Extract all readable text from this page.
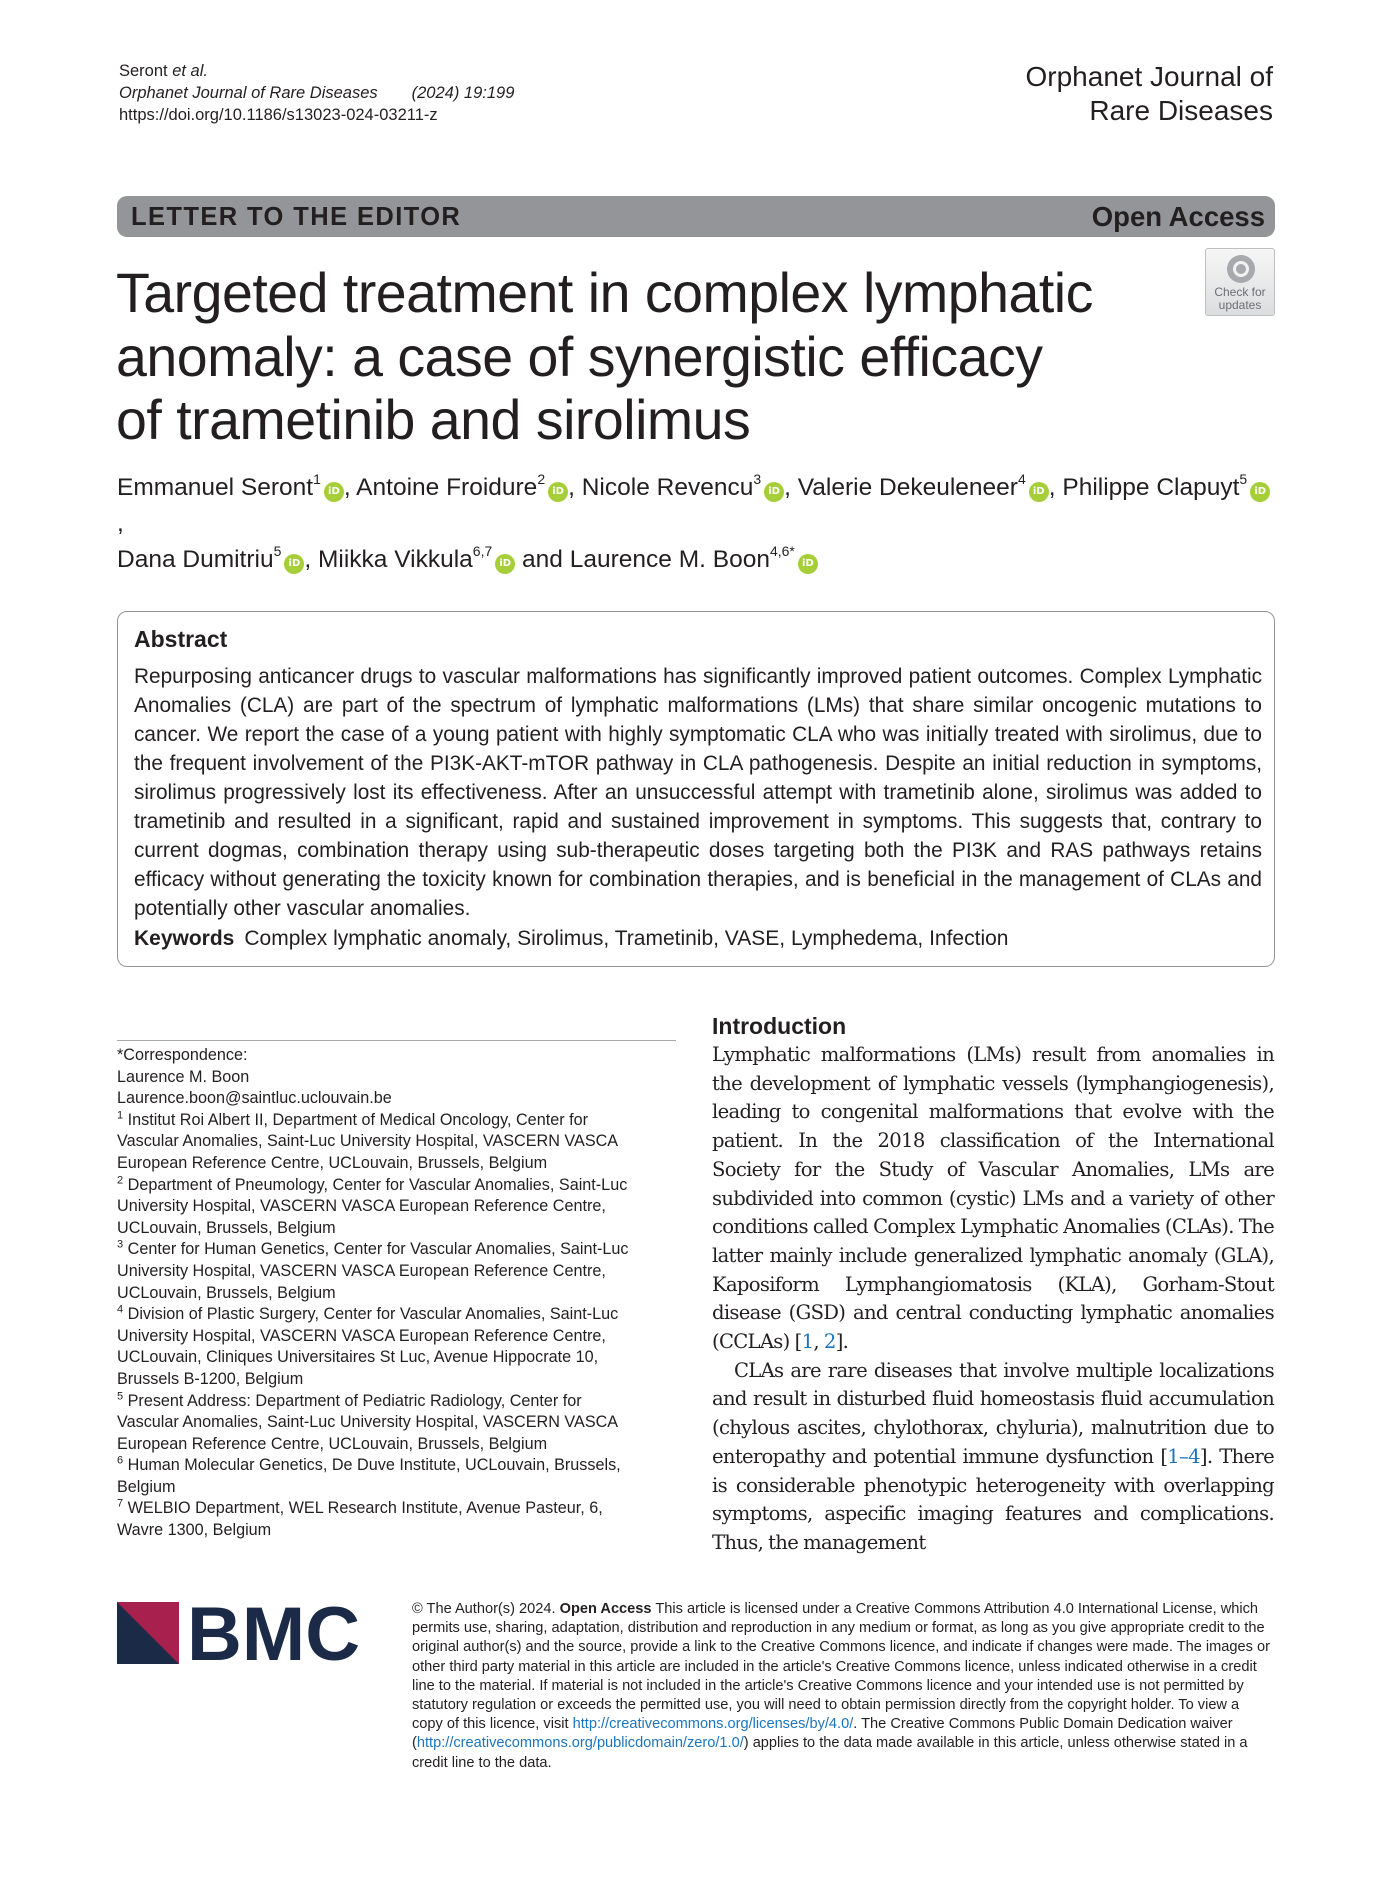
Seront et al.
Orphanet Journal of Rare Diseases (2024) 19:199
https://doi.org/10.1186/s13023-024-03211-z
Orphanet Journal of
Rare Diseases
LETTER TO THE EDITOR	Open Access
Check for
updates
Targeted treatment in complex lymphatic
anomaly: a case of synergistic efficacy
of trametinib and sirolimus
Emmanuel Seront$^1$iD , Antoine Froidure$^2$iD , Nicole Revencu$^3$iD , Valerie Dekeuleneer$^4$iD , Philippe Clapuyt$^5$iD,
Dana Dumitriu$^5$iD , Miikka Vikkula$^{6,7}$iD and Laurence M. Boon$^{4,6*}$iD
Abstract
Repurposing anticancer drugs to vascular malformations has significantly improved patient outcomes. Complex Lymphatic Anomalies (CLA) are part of the spectrum of lymphatic malformations (LMs) that share similar oncogenic mutations to cancer. We report the case of a young patient with highly symptomatic CLA who was initially treated with sirolimus, due to the frequent involvement of the PI3K-AKT-mTOR pathway in CLA pathogenesis. Despite an initial reduction in symptoms, sirolimus progressively lost its effectiveness. After an unsuccessful attempt with trametinib alone, sirolimus was added to trametinib and resulted in a significant, rapid and sustained improvement in symptoms. This suggests that, contrary to current dogmas, combination therapy using sub-therapeutic doses targeting both the PI3K and RAS pathways retains efficacy without generating the toxicity known for combination therapies, and is beneficial in the management of CLAs and potentially other vascular anomalies.
Keywords Complex lymphatic anomaly, Sirolimus, Trametinib, VASE, Lymphedema, Infection
*Correspondence:
Laurence M. Boon
Laurence.boon@saintluc.uclouvain.be
$^1$ Institut Roi Albert II, Department of Medical Oncology, Center for Vascular Anomalies, Saint-Luc University Hospital, VASCERN VASCA European Reference Centre, UCLouvain, Brussels, Belgium
$^2$ Department of Pneumology, Center for Vascular Anomalies, Saint-Luc University Hospital, VASCERN VASCA European Reference Centre, UCLouvain, Brussels, Belgium
$^3$ Center for Human Genetics, Center for Vascular Anomalies, Saint-Luc University Hospital, VASCERN VASCA European Reference Centre, UCLouvain, Brussels, Belgium
$^4$ Division of Plastic Surgery, Center for Vascular Anomalies, Saint-Luc University Hospital, VASCERN VASCA European Reference Centre, UCLouvain, Cliniques Universitaires St Luc, Avenue Hippocrate 10, Brussels B-1200, Belgium
$^5$ Present Address: Department of Pediatric Radiology, Center for Vascular Anomalies, Saint-Luc University Hospital, VASCERN VASCA European Reference Centre, UCLouvain, Brussels, Belgium
$^6$ Human Molecular Genetics, De Duve Institute, UCLouvain, Brussels, Belgium
$^7$ WELBIO Department, WEL Research Institute, Avenue Pasteur, 6, Wavre 1300, Belgium
Introduction

Lymphatic malformations (LMs) result from anomalies in the development of lymphatic vessels (lymphangiogenesis), leading to congenital malformations that evolve with the patient. In the 2018 classification of the International Society for the Study of Vascular Anomalies, LMs are subdivided into common (cystic) LMs and a variety of other conditions called Complex Lymphatic Anomalies (CLAs). The latter mainly include generalized lymphatic anomaly (GLA), Kaposiform Lymphangiomatosis (KLA), Gorham-Stout disease (GSD) and central conducting lymphatic anomalies (CCLAs) [1, 2].

CLAs are rare diseases that involve multiple localizations and result in disturbed fluid homeostasis fluid accumulation (chylous ascites, chylothorax, chyluria), malnutrition due to enteropathy and potential immune dysfunction [1–4]. There is considerable phenotypic heterogeneity with overlapping symptoms, aspecific imaging features and complications. Thus, the management

BMC	© The Author(s) 2024. Open Access This article is licensed under a Creative Commons Attribution 4.0 International License, which permits use, sharing, adaptation, distribution and reproduction in any medium or format, as long as you give appropriate credit to the original author(s) and the source, provide a link to the Creative Commons licence, and indicate if changes were made. The images or other third party material in this article are included in the article's Creative Commons licence, unless indicated otherwise in a credit line to the material. If material is not included in the article's Creative Commons licence and your intended use is not permitted by statutory regulation or exceeds the permitted use, you will need to obtain permission directly from the copyright holder. To view a copy of this licence, visit http://creativecommons.org/licenses/by/4.0/. The Creative Commons Public Domain Dedication waiver (http://creativecommons.org/publicdomain/zero/1.0/) applies to the data made available in this article, unless otherwise stated in a credit line to the data.
